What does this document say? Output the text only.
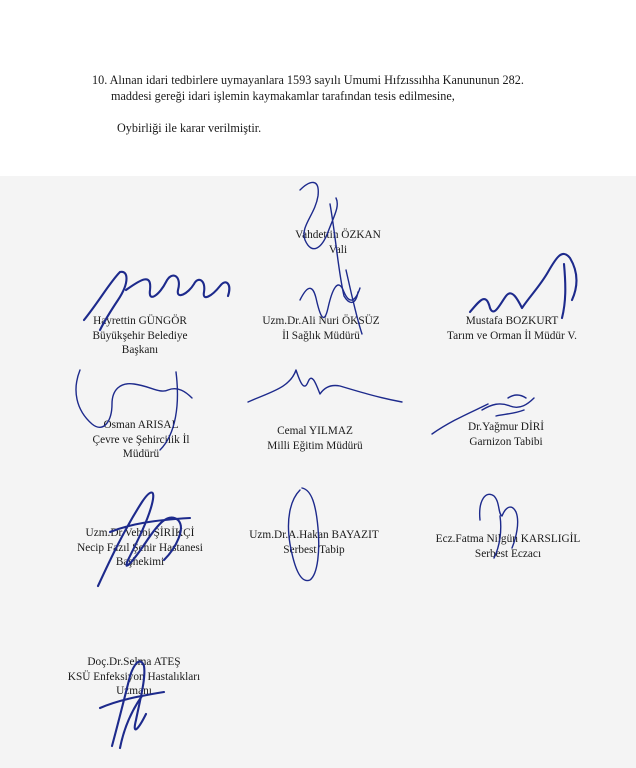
10. Alınan idari tedbirlere uymayanlara 1593 sayılı Umumi Hıfzıssıhha Kanununun 282.
maddesi gereği idari işlemin kaymakamlar tarafından tesis edilmesine,
Oybirliği ile karar verilmiştir.
Vahdettin ÖZKAN
Vali
Hayrettin GÜNGÖR
Büyükşehir Belediye
Başkanı
Uzm.Dr.Ali Nuri ÖKSÜZ
İl Sağlık Müdürü
Mustafa BOZKURT
Tarım ve Orman İl Müdür V.
Osman ARISAL
Çevre ve Şehircilik İl
Müdürü
Cemal YILMAZ
Milli Eğitim Müdürü
Dr.Yağmur DİRİ
Garnizon Tabibi
Uzm.Dr.Vehbi ŞİRİKÇİ
Necip Fazıl Şehir Hastanesi
Başhekimi
Uzm.Dr.A.Hakan BAYAZIT
Serbest Tabip
Ecz.Fatma Nilgün KARSLIGİL
Serbest Eczacı
Doç.Dr.Selma ATEŞ
KSÜ Enfeksiyon Hastalıkları
Uzmanı
